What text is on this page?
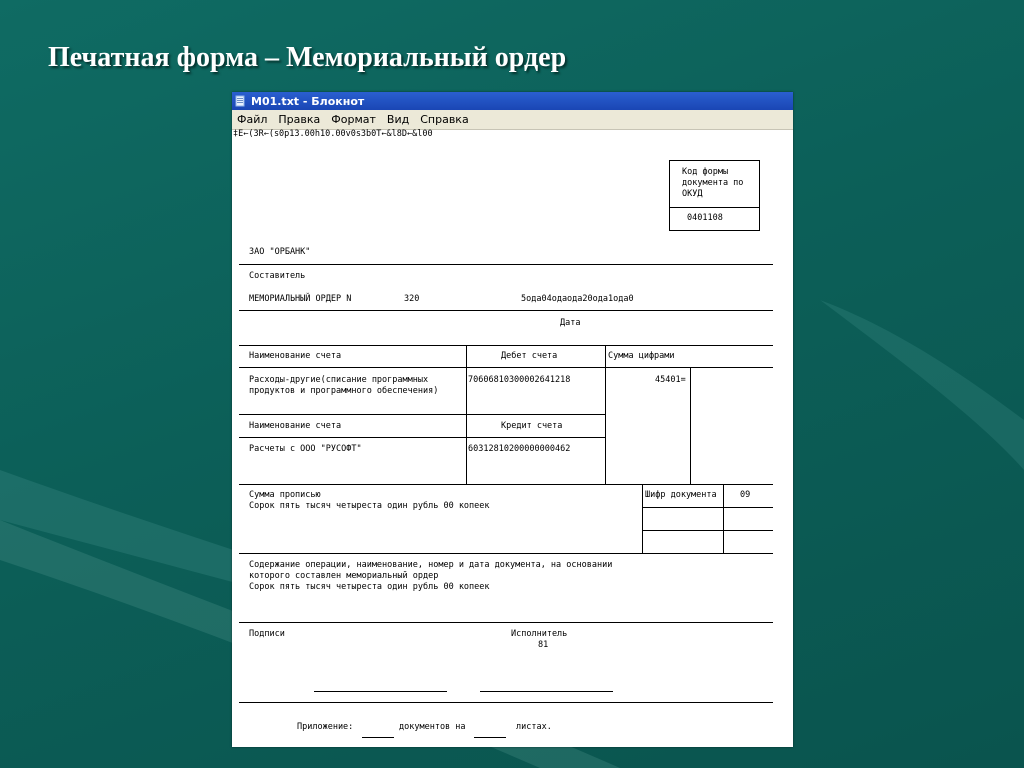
Печатная форма – Мемориальный ордер
M01.txt - Блокнот
Файл	Правка	Формат	Вид	Справка
‡E←(3R←(s0p13.00h10.00v0s3b0T←&l8D←&l00
Код формы
документа по
ОКУД
0401108
ЗАО "ОРБАНК"
Составитель
МЕМОРИАЛЬНЫЙ ОРДЕР N	320	5ода04одаода20ода1ода0
Дата
Наименование счета	Дебет счета	Сумма цифрами
Расходы-другие(списание программных
продуктов и программного обеспечения)
70606810300002641218	45401=
Наименование счета	Кредит счета
Расчеты с ООО "РУСОФТ"	60312810200000000462
Сумма прописью
Сорок пять тысяч четыреста один рубль 00 копеек
Шифр документа	09
Содержание операции, наименование, номер и дата документа, на основании
которого составлен мемориальный ордер
Сорок пять тысяч четыреста один рубль 00 копеек
Подписи	Исполнитель
81
Приложение:	документов на	листах.
